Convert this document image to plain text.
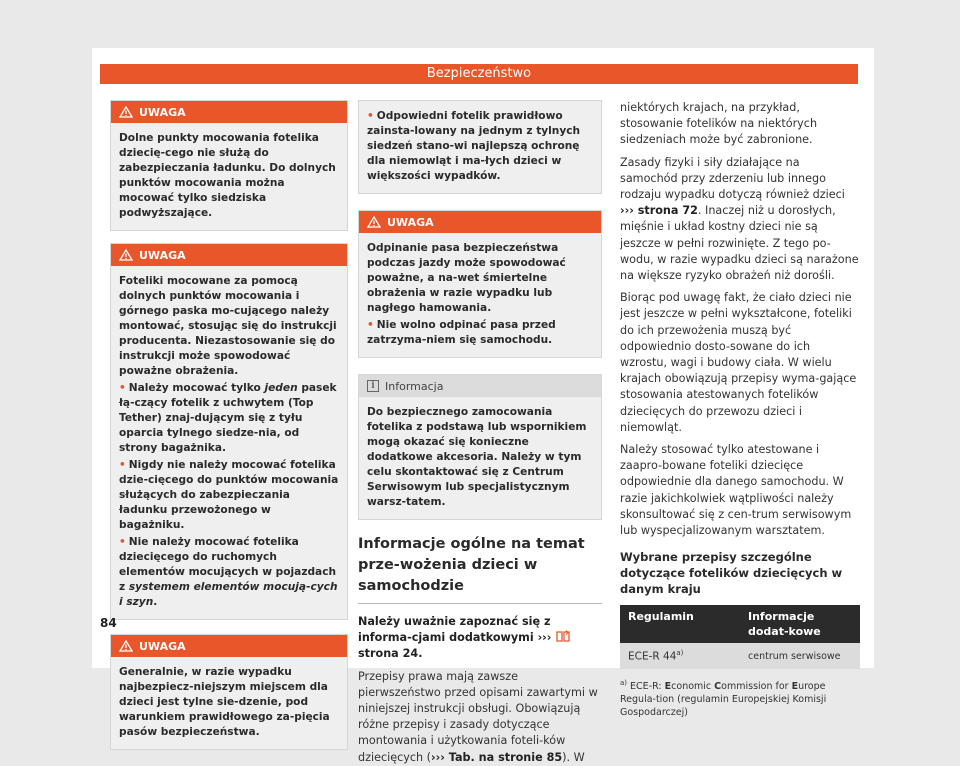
Bezpieczeństwo
UWAGA
Dolne punkty mocowania fotelika dziecię-cego nie służą do zabezpieczania ładunku. Do dolnych punktów mocowania można mocować tylko siedziska podwyższające.
UWAGA

Foteliki mocowane za pomocą dolnych punktów mocowania i górnego paska mo-cującego należy montować, stosując się do instrukcji producenta. Niezastosowanie się do instrukcji może spowodować poważne obrażenia.

• Należy mocować tylko jeden pasek łą-czący fotelik z uchwytem (Top Tether) znaj-dującym się z tyłu oparcia tylnego siedze-nia, od strony bagażnika.

• Nigdy nie należy mocować fotelika dzie-cięcego do punktów mocowania służących do zabezpieczania ładunku przewożonego w bagażniku.

• Nie należy mocować fotelika dziecięcego do ruchomych elementów mocujących w pojazdach z systemem elementów mocują-cych i szyn.

UWAGA
Generalnie, w razie wypadku najbezpiecz-niejszym miejscem dla dzieci jest tylne sie-dzenie, pod warunkiem prawidłowego za-pięcia pasów bezpieczeństwa.

• Odpowiedni fotelik prawidłowo zainsta-lowany na jednym z tylnych siedzeń stano-wi najlepszą ochronę dla niemowląt i ma-łych dzieci w większości wypadków.

UWAGA

Odpinanie pasa bezpieczeństwa podczas jazdy może spowodować poważne, a na-wet śmiertelne obrażenia w razie wypadku lub nagłego hamowania.

• Nie wolno odpinać pasa przed zatrzyma-niem się samochodu.

i Informacja
Do bezpiecznego zamocowania fotelika z podstawą lub wspornikiem mogą okazać się konieczne dodatkowe akcesoria. Należy w tym celu skontaktować się z Centrum Serwisowym lub specjalistycznym warsz-tatem.
Informacje ogólne na temat prze-wożenia dzieci w samochodzie

Należy uważnie zapoznać się z informa-cjami dodatkowymi ›››  strona 24.

Przepisy prawa mają zawsze pierwszeństwo przed opisami zawartymi w niniejszej instrukcji obsługi. Obowiązują różne przepisy i zasady dotyczące montowania i użytkowania foteli-ków dziecięcych (››› Tab. na stronie 85). W

niektórych krajach, na przykład, stosowanie fotelików na niektórych siedzeniach może być zabronione.

Zasady fizyki i siły działające na samochód przy zderzeniu lub innego rodzaju wypadku dotyczą również dzieci ››› strona 72. Inaczej niż u dorosłych, mięśnie i układ kostny dzieci nie są jeszcze w pełni rozwinięte. Z tego po-wodu, w razie wypadku dzieci są narażone na większe ryzyko obrażeń niż dorośli.

Biorąc pod uwagę fakt, że ciało dzieci nie jest jeszcze w pełni wykształcone, foteliki do ich przewożenia muszą być odpowiednio dosto-sowane do ich wzrostu, wagi i budowy ciała. W wielu krajach obowiązują przepisy wyma-gające stosowania atestowanych fotelików dziecięcych do przewozu dzieci i niemowląt.

Należy stosować tylko atestowane i zaapro-bowane foteliki dziecięce odpowiednie dla danego samochodu. W razie jakichkolwiek wątpliwości należy skonsultować się z cen-trum serwisowym lub wyspecjalizowanym warsztatem.

Wybrane przepisy szczególne dotyczące fotelików dziecięcych w danym kraju

Regulamin	Informacje dodat-kowe
ECE-R 44$^{a)}$	centrum serwisowe

$^{a)}$ ECE-R: Economic Commission for Europe Regula-tion (regulamin Europejskiej Komisji Gospodarczej)

84
